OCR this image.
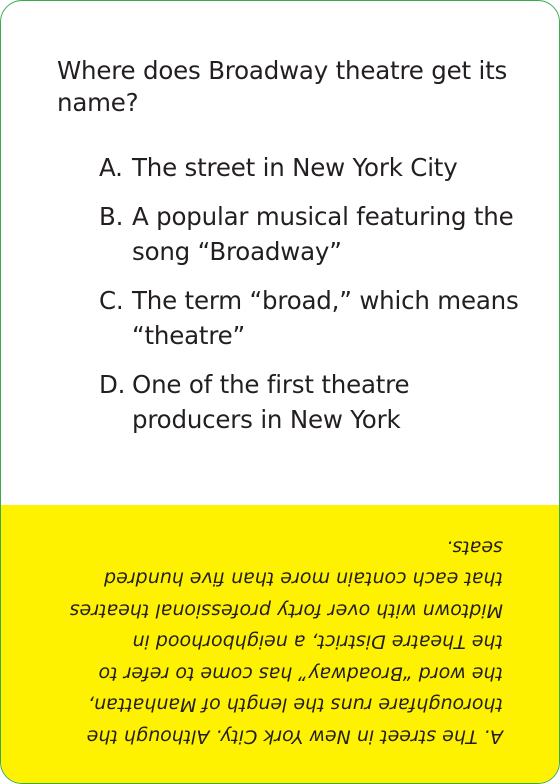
Where does Broadway theatre get its name?

A. The street in New York City
B. A popular musical featuring the song “Broadway”
C. The term “broad,” which means “theatre”
D. One of the first theatre producers in New York

A. The street in New York City. Although the thoroughfare runs the length of Manhattan, the word “Broadway” has come to refer to the Theatre District, a neighborhood in Midtown with over forty professional theatres that each contain more than five hundred seats.
